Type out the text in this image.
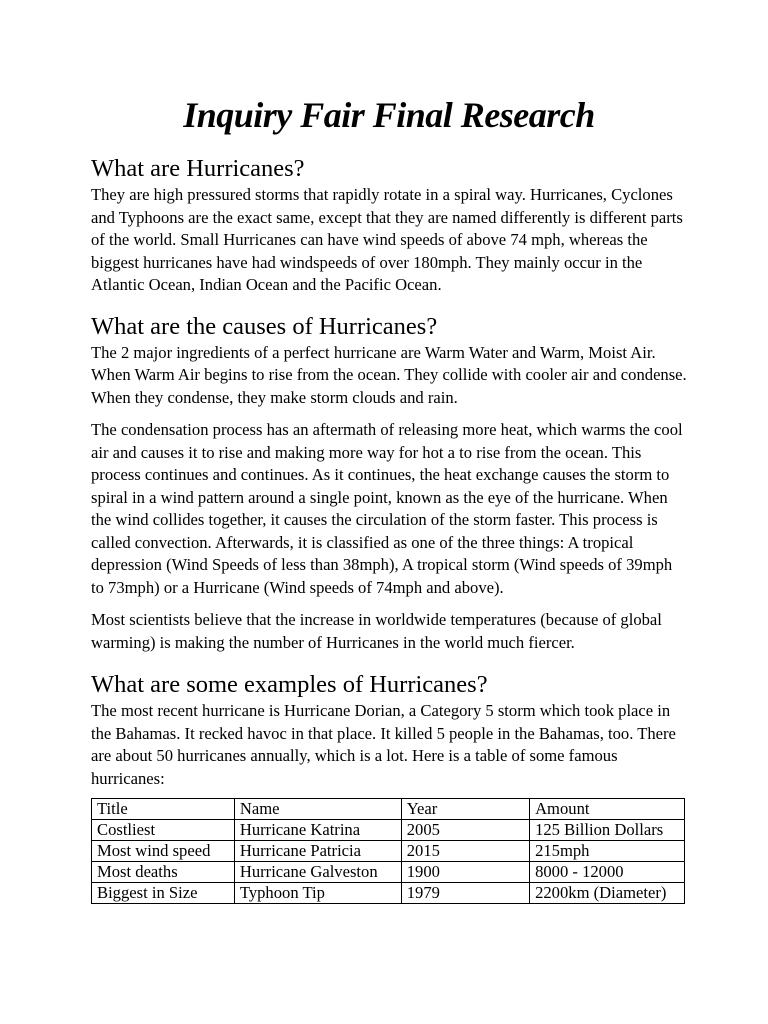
Inquiry Fair Final Research
What are Hurricanes?

They are high pressured storms that rapidly rotate in a spiral way. Hurricanes, Cyclones and Typhoons are the exact same, except that they are named differently is different parts of the world. Small Hurricanes can have wind speeds of above 74 mph, whereas the biggest hurricanes have had windspeeds of over 180mph. They mainly occur in the Atlantic Ocean, Indian Ocean and the Pacific Ocean.

What are the causes of Hurricanes?

The 2 major ingredients of a perfect hurricane are Warm Water and Warm, Moist Air. When Warm Air begins to rise from the ocean. They collide with cooler air and condense. When they condense, they make storm clouds and rain.

The condensation process has an aftermath of releasing more heat, which warms the cool air and causes it to rise and making more way for hot a to rise from the ocean. This process continues and continues. As it continues, the heat exchange causes the storm to spiral in a wind pattern around a single point, known as the eye of the hurricane. When the wind collides together, it causes the circulation of the storm faster. This process is called convection. Afterwards, it is classified as one of the three things: A tropical depression (Wind Speeds of less than 38mph), A tropical storm (Wind speeds of 39mph to 73mph) or a Hurricane (Wind speeds of 74mph and above).

Most scientists believe that the increase in worldwide temperatures (because of global warming) is making the number of Hurricanes in the world much fiercer.

What are some examples of Hurricanes?

The most recent hurricane is Hurricane Dorian, a Category 5 storm which took place in the Bahamas. It recked havoc in that place. It killed 5 people in the Bahamas, too. There are about 50 hurricanes annually, which is a lot. Here is a table of some famous hurricanes:

Title	Name	Year	Amount
Costliest	Hurricane Katrina	2005	125 Billion Dollars
Most wind speed	Hurricane Patricia	2015	215mph
Most deaths	Hurricane Galveston	1900	8000 - 12000
Biggest in Size	Typhoon Tip	1979	2200km (Diameter)
